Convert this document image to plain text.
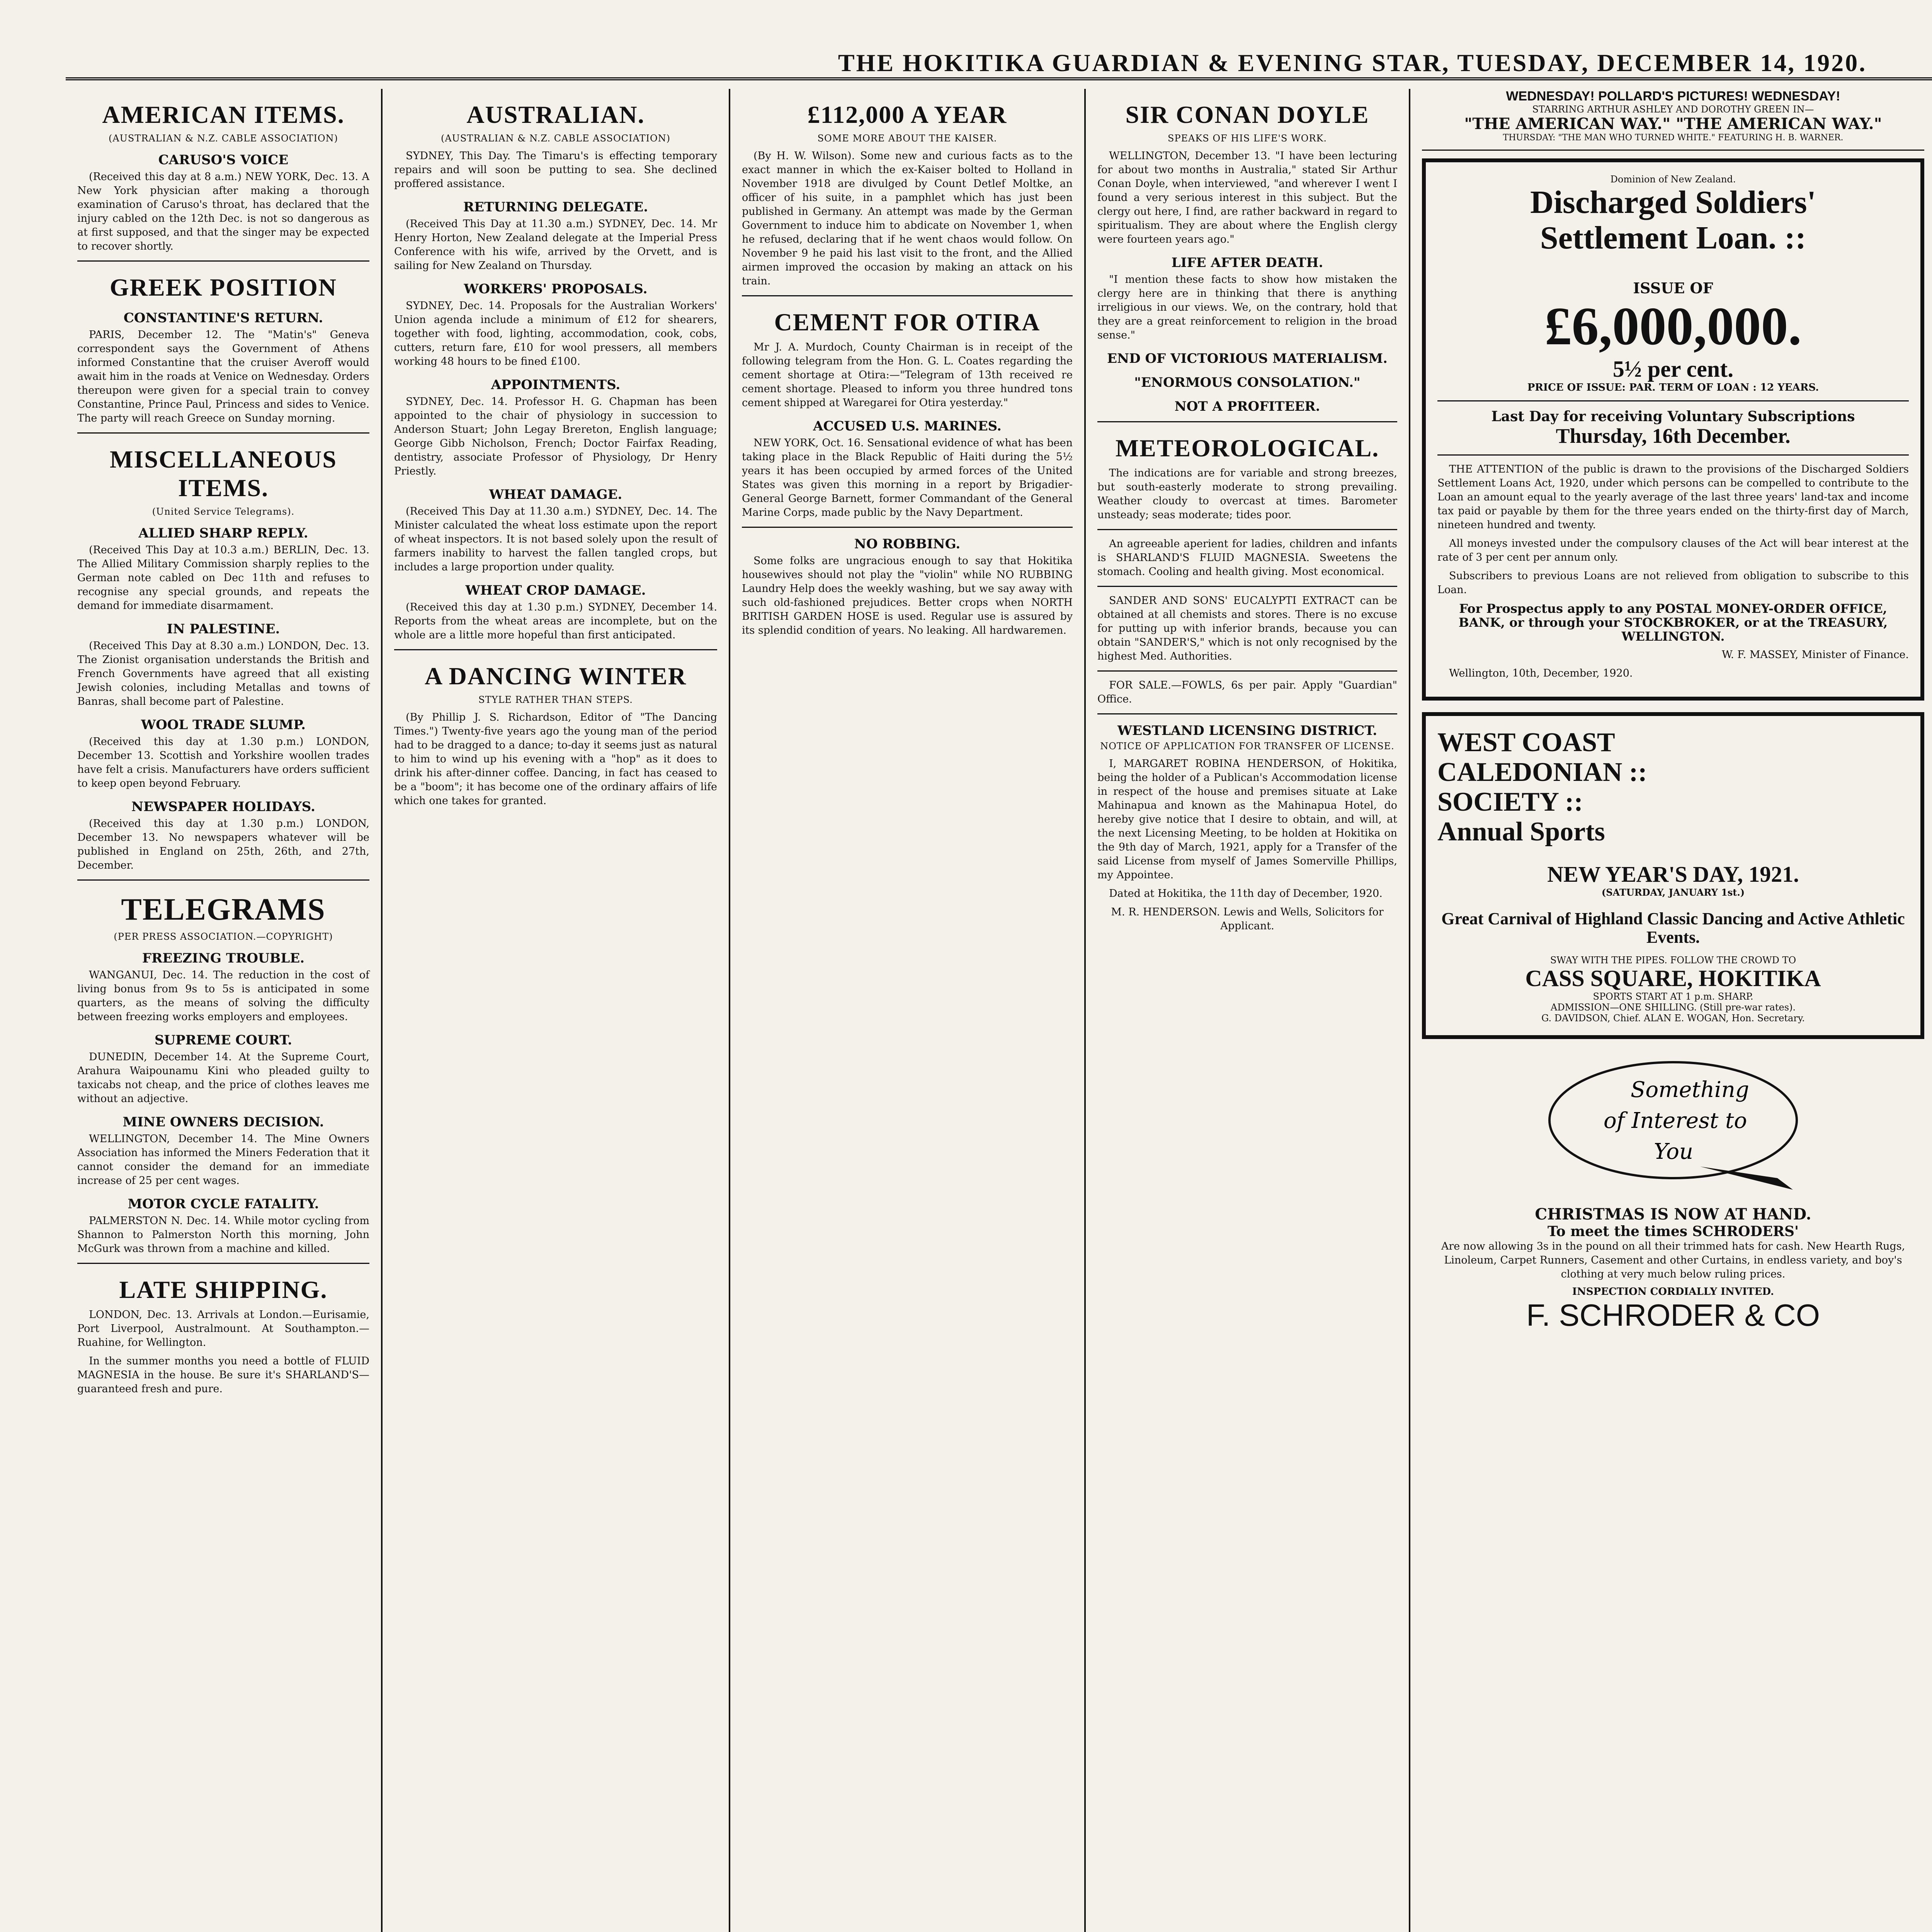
THE HOKITIKA GUARDIAN & EVENING STAR, TUESDAY, DECEMBER 14, 1920.
AMERICAN ITEMS.
(AUSTRALIAN & N.Z. CABLE ASSOCIATION)
CARUSO'S VOICE

(Received this day at 8 a.m.) NEW YORK, Dec. 13. A New York physician after making a thorough examination of Caruso's throat, has declared that the injury cabled on the 12th Dec. is not so dangerous as at first supposed, and that the singer may be expected to recover shortly.

GREEK POSITION
CONSTANTINE'S RETURN.

PARIS, December 12. The "Matin's" Geneva correspondent says the Government of Athens informed Constantine that the cruiser Averoff would await him in the roads at Venice on Wednesday. Orders thereupon were given for a special train to convey Constantine, Prince Paul, Princess and sides to Venice. The party will reach Greece on Sunday morning.

MISCELLANEOUS ITEMS.
(United Service Telegrams).
ALLIED SHARP REPLY.

(Received This Day at 10.3 a.m.) BERLIN, Dec. 13. The Allied Military Commission sharply replies to the German note cabled on Dec 11th and refuses to recognise any special grounds, and repeats the demand for immediate disarmament.

IN PALESTINE.

(Received This Day at 8.30 a.m.) LONDON, Dec. 13. The Zionist organisation understands the British and French Governments have agreed that all existing Jewish colonies, including Metallas and towns of Banras, shall become part of Palestine.

WOOL TRADE SLUMP.

(Received this day at 1.30 p.m.) LONDON, December 13. Scottish and Yorkshire woollen trades have felt a crisis. Manufacturers have orders sufficient to keep open beyond February.

NEWSPAPER HOLIDAYS.

(Received this day at 1.30 p.m.) LONDON, December 13. No newspapers whatever will be published in England on 25th, 26th, and 27th, December.

TELEGRAMS
(PER PRESS ASSOCIATION.—COPYRIGHT)
FREEZING TROUBLE.

WANGANUI, Dec. 14. The reduction in the cost of living bonus from 9s to 5s is anticipated in some quarters, as the means of solving the difficulty between freezing works employers and employees.

SUPREME COURT.

DUNEDIN, December 14. At the Supreme Court, Arahura Waipounamu Kini who pleaded guilty to taxicabs not cheap, and the price of clothes leaves me without an adjective.

MINE OWNERS DECISION.

WELLINGTON, December 14. The Mine Owners Association has informed the Miners Federation that it cannot consider the demand for an immediate increase of 25 per cent wages.

MOTOR CYCLE FATALITY.

PALMERSTON N. Dec. 14. While motor cycling from Shannon to Palmerston North this morning, John McGurk was thrown from a machine and killed.

LATE SHIPPING.

LONDON, Dec. 13. Arrivals at London.—Eurisamie, Port Liverpool, Australmount. At Southampton.—Ruahine, for Wellington.

In the summer months you need a bottle of FLUID MAGNESIA in the house. Be sure it's SHARLAND'S—guaranteed fresh and pure.

AUSTRALIAN.
(AUSTRALIAN & N.Z. CABLE ASSOCIATION)

SYDNEY, This Day. The Timaru's is effecting temporary repairs and will soon be putting to sea. She declined proffered assistance.

RETURNING DELEGATE.

(Received This Day at 11.30 a.m.) SYDNEY, Dec. 14. Mr Henry Horton, New Zealand delegate at the Imperial Press Conference with his wife, arrived by the Orvett, and is sailing for New Zealand on Thursday.

WORKERS' PROPOSALS.

SYDNEY, Dec. 14. Proposals for the Australian Workers' Union agenda include a minimum of £12 for shearers, together with food, lighting, accommodation, cook, cobs, cutters, return fare, £10 for wool pressers, all members working 48 hours to be fined £100.

APPOINTMENTS.

SYDNEY, Dec. 14. Professor H. G. Chapman has been appointed to the chair of physiology in succession to Anderson Stuart; John Legay Brereton, English language; George Gibb Nicholson, French; Doctor Fairfax Reading, dentistry, associate Professor of Physiology, Dr Henry Priestly.

WHEAT DAMAGE.

(Received This Day at 11.30 a.m.) SYDNEY, Dec. 14. The Minister calculated the wheat loss estimate upon the report of wheat inspectors. It is not based solely upon the result of farmers inability to harvest the fallen tangled crops, but includes a large proportion under quality.

WHEAT CROP DAMAGE.

(Received this day at 1.30 p.m.) SYDNEY, December 14. Reports from the wheat areas are incomplete, but on the whole are a little more hopeful than first anticipated.

A DANCING WINTER
STYLE RATHER THAN STEPS.

(By Phillip J. S. Richardson, Editor of "The Dancing Times.") Twenty-five years ago the young man of the period had to be dragged to a dance; to-day it seems just as natural to him to wind up his evening with a "hop" as it does to drink his after-dinner coffee. Dancing, in fact has ceased to be a "boom"; it has become one of the ordinary affairs of life which one takes for granted.

£112,000 A YEAR
SOME MORE ABOUT THE KAISER.

(By H. W. Wilson). Some new and curious facts as to the exact manner in which the ex-Kaiser bolted to Holland in November 1918 are divulged by Count Detlef Moltke, an officer of his suite, in a pamphlet which has just been published in Germany. An attempt was made by the German Government to induce him to abdicate on November 1, when he refused, declaring that if he went chaos would follow. On November 9 he paid his last visit to the front, and the Allied airmen improved the occasion by making an attack on his train.

CEMENT FOR OTIRA

Mr J. A. Murdoch, County Chairman is in receipt of the following telegram from the Hon. G. L. Coates regarding the cement shortage at Otira:—"Telegram of 13th received re cement shortage. Pleased to inform you three hundred tons cement shipped at Waregarei for Otira yesterday."

ACCUSED U.S. MARINES.

NEW YORK, Oct. 16. Sensational evidence of what has been taking place in the Black Republic of Haiti during the 5½ years it has been occupied by armed forces of the United States was given this morning in a report by Brigadier-General George Barnett, former Commandant of the General Marine Corps, made public by the Navy Department.

NO ROBBING.

Some folks are ungracious enough to say that Hokitika housewives should not play the "violin" while NO RUBBING Laundry Help does the weekly washing, but we say away with such old-fashioned prejudices. Better crops when NORTH BRITISH GARDEN HOSE is used. Regular use is assured by its splendid condition of years. No leaking. All hardwaremen.

SIR CONAN DOYLE
SPEAKS OF HIS LIFE'S WORK.

WELLINGTON, December 13. "I have been lecturing for about two months in Australia," stated Sir Arthur Conan Doyle, when interviewed, "and wherever I went I found a very serious interest in this subject. But the clergy out here, I find, are rather backward in regard to spiritualism. They are about where the English clergy were fourteen years ago."

LIFE AFTER DEATH.

"I mention these facts to show how mistaken the clergy here are in thinking that there is anything irreligious in our views. We, on the contrary, hold that they are a great reinforcement to religion in the broad sense."

END OF VICTORIOUS MATERIALISM.
"ENORMOUS CONSOLATION."
NOT A PROFITEER.
METEOROLOGICAL.

The indications are for variable and strong breezes, but south-easterly moderate to strong prevailing. Weather cloudy to overcast at times. Barometer unsteady; seas moderate; tides poor.

An agreeable aperient for ladies, children and infants is SHARLAND'S FLUID MAGNESIA. Sweetens the stomach. Cooling and health giving. Most economical.

SANDER AND SONS' EUCALYPTI EXTRACT can be obtained at all chemists and stores. There is no excuse for putting up with inferior brands, because you can obtain "SANDER'S," which is not only recognised by the highest Med. Authorities.

FOR SALE.—FOWLS, 6s per pair. Apply "Guardian" Office.

WESTLAND LICENSING DISTRICT.
NOTICE OF APPLICATION FOR TRANSFER OF LICENSE.

I, MARGARET ROBINA HENDERSON, of Hokitika, being the holder of a Publican's Accommodation license in respect of the house and premises situate at Lake Mahinapua and known as the Mahinapua Hotel, do hereby give notice that I desire to obtain, and will, at the next Licensing Meeting, to be holden at Hokitika on the 9th day of March, 1921, apply for a Transfer of the said License from myself of James Somerville Phillips, my Appointee.

Dated at Hokitika, the 11th day of December, 1920.

M. R. HENDERSON. Lewis and Wells, Solicitors for Applicant.

WEDNESDAY! POLLARD'S PICTURES! WEDNESDAY!
STARRING ARTHUR ASHLEY AND DOROTHY GREEN IN—
"THE AMERICAN WAY." "THE AMERICAN WAY."
THURSDAY: "THE MAN WHO TURNED WHITE." FEATURING H. B. WARNER.
Dominion of New Zealand.
Discharged Soldiers'
Settlement Loan. ::
ISSUE OF
£6,000,000.
5½ per cent.
PRICE OF ISSUE: PAR. TERM OF LOAN : 12 YEARS.
Last Day for receiving Voluntary Subscriptions
Thursday, 16th December.

THE ATTENTION of the public is drawn to the provisions of the Discharged Soldiers Settlement Loans Act, 1920, under which persons can be compelled to contribute to the Loan an amount equal to the yearly average of the last three years' land-tax and income tax paid or payable by them for the three years ended on the thirty-first day of March, nineteen hundred and twenty.

All moneys invested under the compulsory clauses of the Act will bear interest at the rate of 3 per cent per annum only.

Subscribers to previous Loans are not relieved from obligation to subscribe to this Loan.

For Prospectus apply to any POSTAL MONEY-ORDER OFFICE, BANK, or through your STOCKBROKER, or at the TREASURY, WELLINGTON.

W. F. MASSEY, Minister of Finance.

Wellington, 10th, December, 1920.

WEST COAST
CALEDONIAN ::
SOCIETY ::
Annual Sports
NEW YEAR'S DAY, 1921.
(SATURDAY, JANUARY 1st.)
Great Carnival of Highland Classic Dancing and Active Athletic Events.
SWAY WITH THE PIPES. FOLLOW THE CROWD TO
CASS SQUARE, HOKITIKA
SPORTS START AT 1 p.m. SHARP.
ADMISSION—ONE SHILLING. (Still pre-war rates).
G. DAVIDSON, Chief. ALAN E. WOGAN, Hon. Secretary.
Something
of Interest to
You
CHRISTMAS IS NOW AT HAND.
To meet the times SCHRODERS'

Are now allowing 3s in the pound on all their trimmed hats for cash. New Hearth Rugs, Linoleum, Carpet Runners, Casement and other Curtains, in endless variety, and boy's clothing at very much below ruling prices.

INSPECTION CORDIALLY INVITED.
F. SCHRODER & CO
